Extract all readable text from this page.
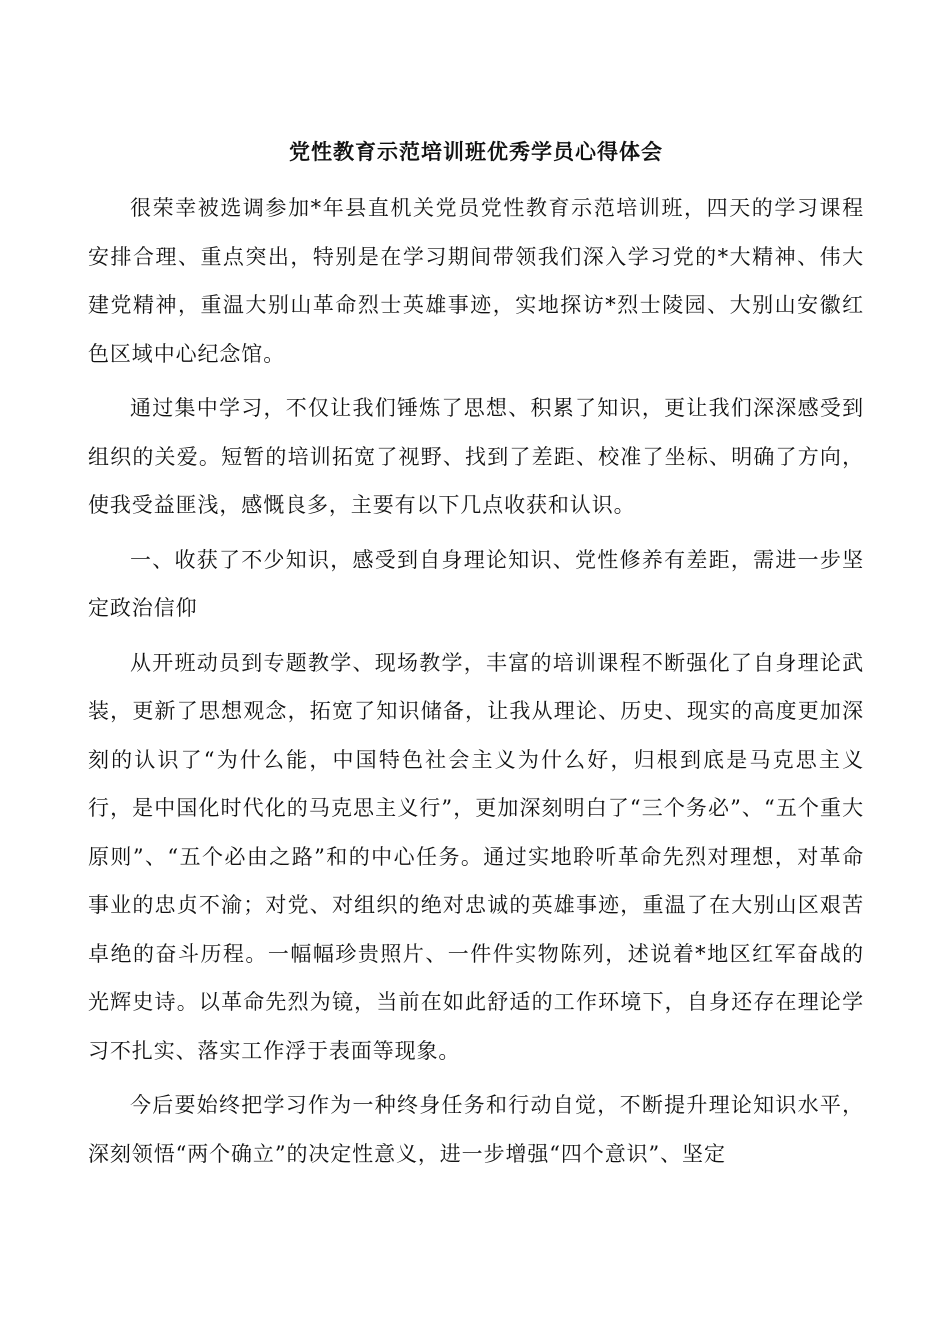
党性教育示范培训班优秀学员心得体会

很荣幸被选调参加*年县直机关党员党性教育示范培训班，四天的学习课程安排合理、重点突出，特别是在学习期间带领我们深入学习党的*大精神、伟大建党精神，重温大别山革命烈士英雄事迹，实地探访*烈士陵园、大别山安徽红色区域中心纪念馆。

通过集中学习，不仅让我们锤炼了思想、积累了知识，更让我们深深感受到组织的关爱。短暂的培训拓宽了视野、找到了差距、校准了坐标、明确了方向，使我受益匪浅，感慨良多，主要有以下几点收获和认识。

一、收获了不少知识，感受到自身理论知识、党性修养有差距，需进一步坚定政治信仰

从开班动员到专题教学、现场教学，丰富的培训课程不断强化了自身理论武装，更新了思想观念，拓宽了知识储备，让我从理论、历史、现实的高度更加深刻的认识了“为什么能，中国特色社会主义为什么好，归根到底是马克思主义行，是中国化时代化的马克思主义行”，更加深刻明白了“三个务必”、“五个重大原则”、“五个必由之路”和的中心任务。通过实地聆听革命先烈对理想，对革命事业的忠贞不渝；对党、对组织的绝对忠诚的英雄事迹，重温了在大别山区艰苦卓绝的奋斗历程。一幅幅珍贵照片、一件件实物陈列，述说着*地区红军奋战的光辉史诗。以革命先烈为镜，当前在如此舒适的工作环境下，自身还存在理论学习不扎实、落实工作浮于表面等现象。

今后要始终把学习作为一种终身任务和行动自觉，不断提升理论知识水平，深刻领悟“两个确立”的决定性意义，进一步增强“四个意识”、坚定
